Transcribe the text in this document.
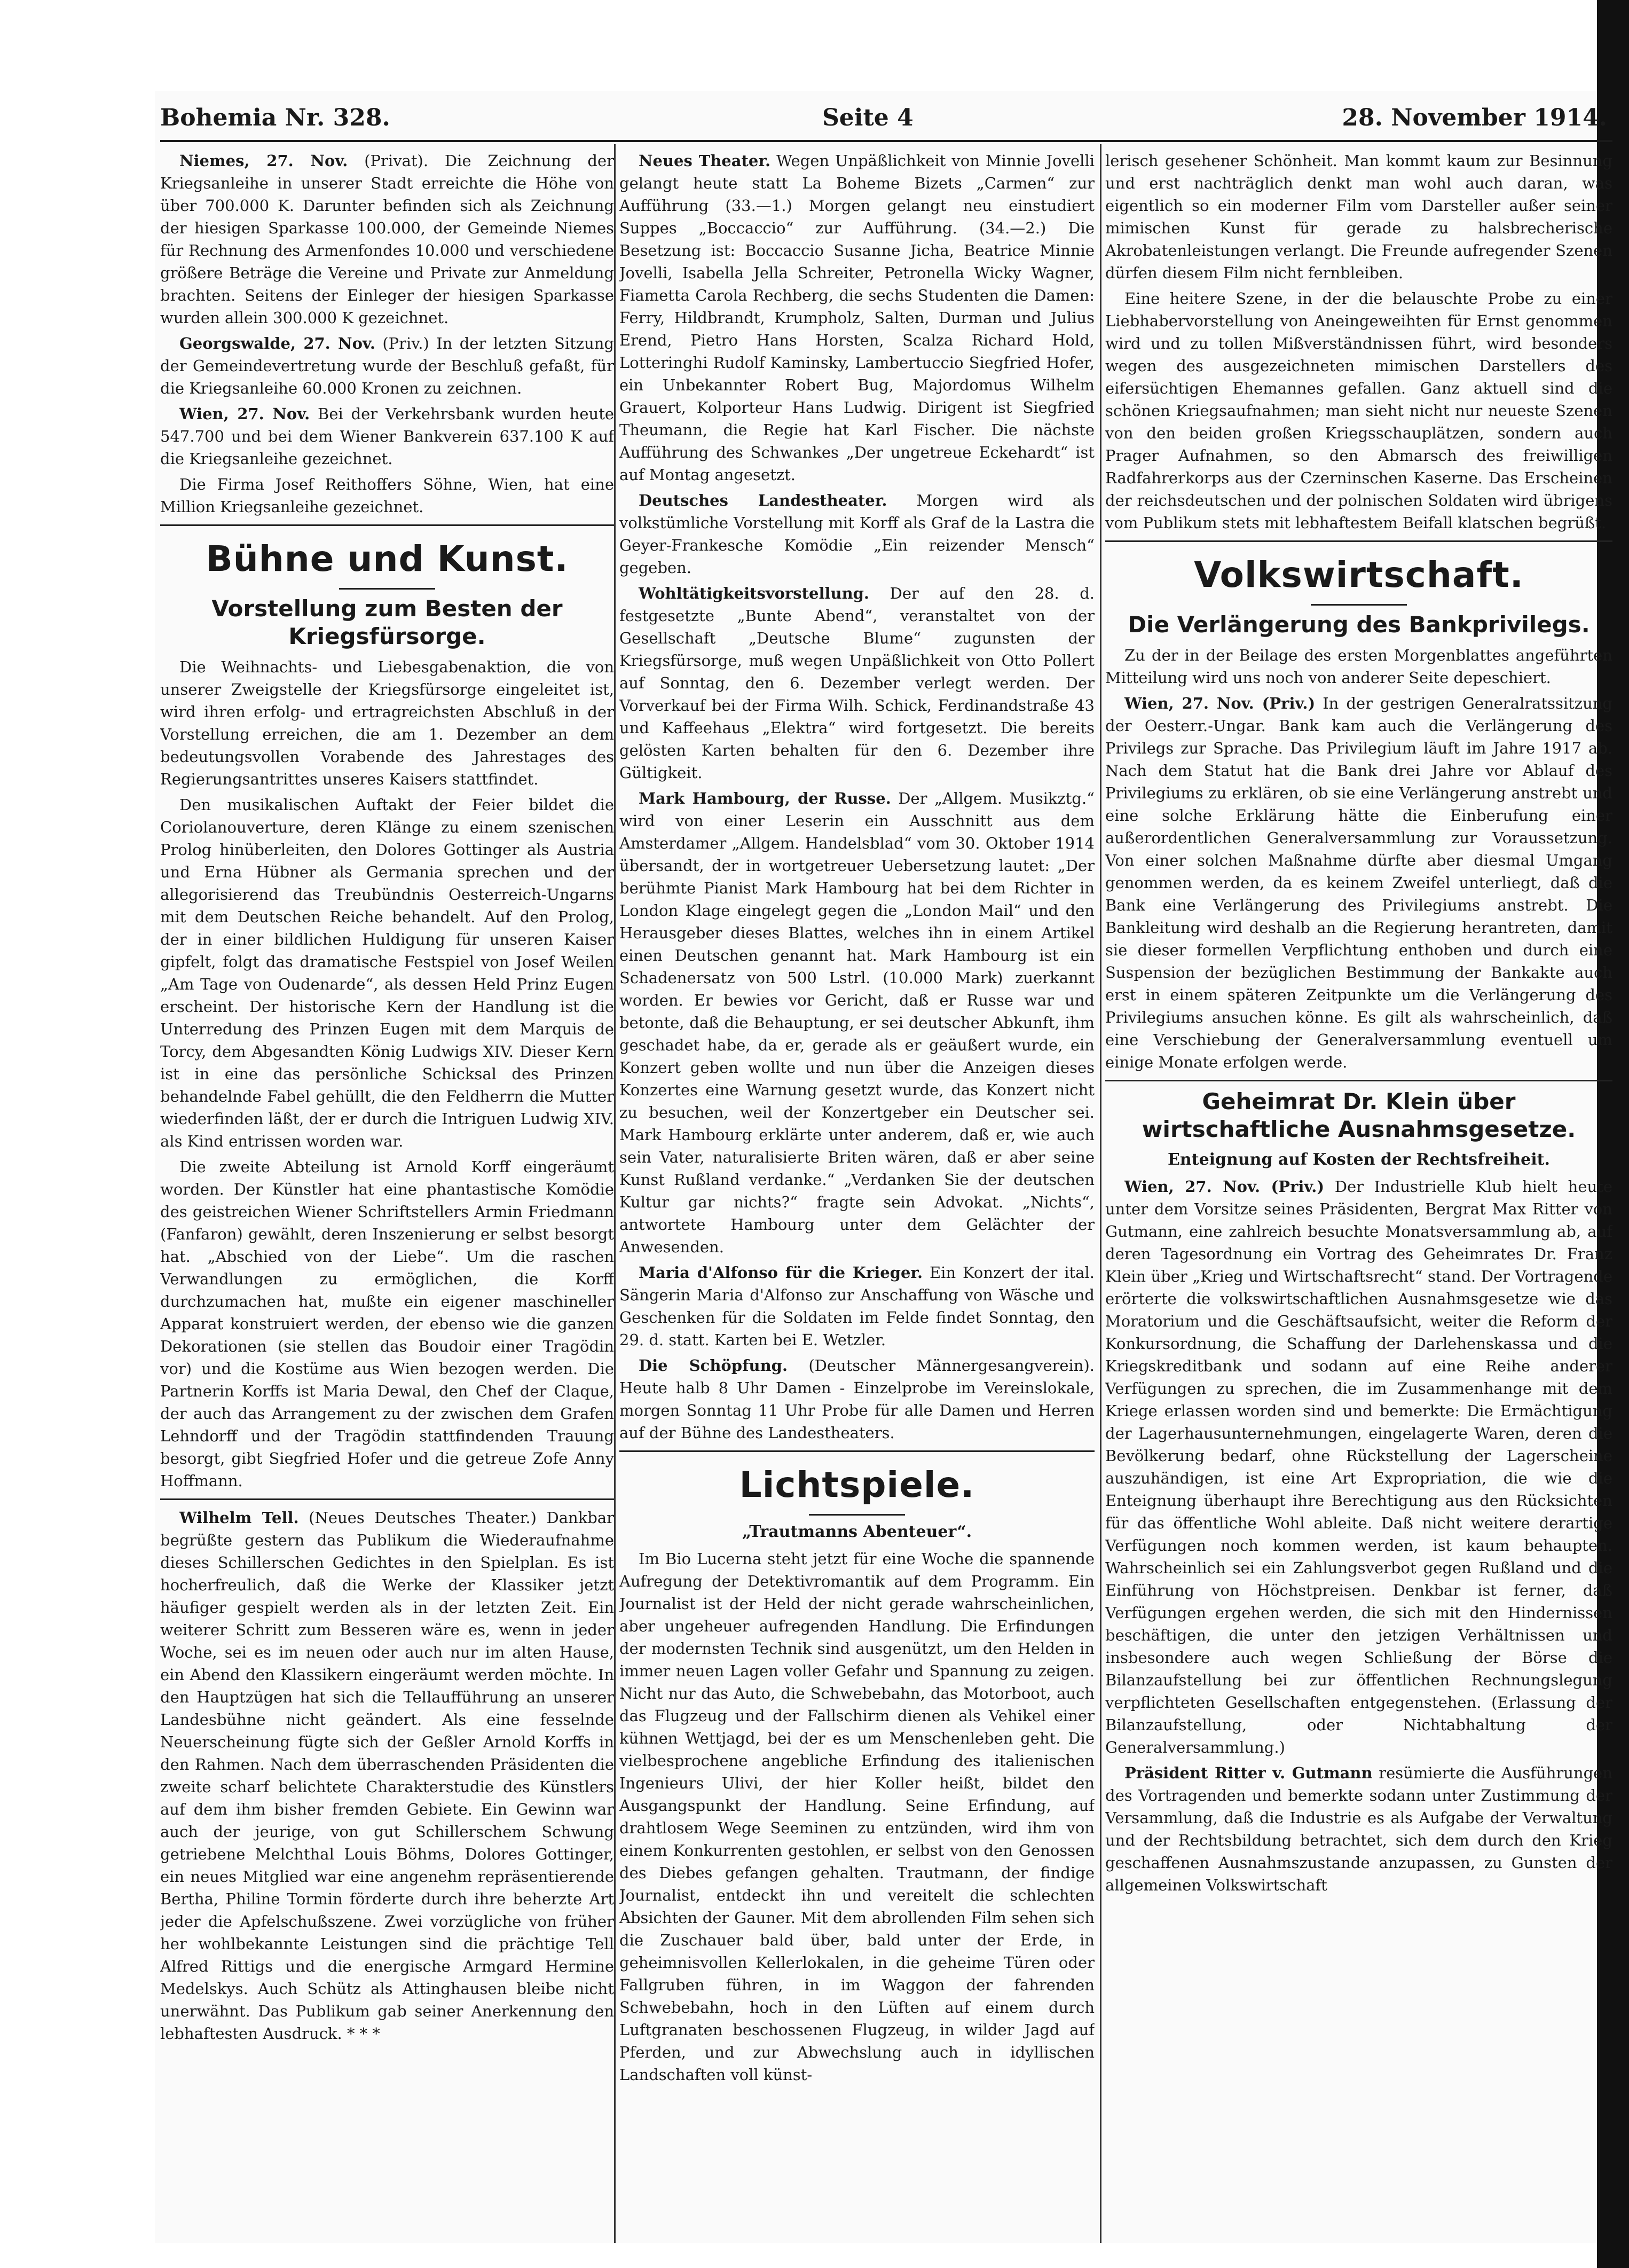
Bohemia Nr. 328.	Seite 4	28. November 1914.

Niemes, 27. Nov. (Privat). Die Zeichnung der Kriegsanleihe in unserer Stadt erreichte die Höhe von über 700.000 K. Darunter befinden sich als Zeichnung der hiesigen Sparkasse 100.000, der Gemeinde Niemes für Rechnung des Armenfondes 10.000 und verschiedene größere Beträge die Vereine und Private zur Anmeldung brachten. Seitens der Einleger der hiesigen Sparkasse wurden allein 300.000 K gezeichnet.

Georgswalde, 27. Nov. (Priv.) In der letzten Sitzung der Gemeindevertretung wurde der Beschluß gefaßt, für die Kriegsanleihe 60.000 Kronen zu zeichnen.

Wien, 27. Nov. Bei der Verkehrsbank wurden heute 547.700 und bei dem Wiener Bankverein 637.100 K auf die Kriegsanleihe gezeichnet.

Die Firma Josef Reithoffers Söhne, Wien, hat eine Million Kriegsanleihe gezeichnet.

Bühne und Kunst.
Vorstellung zum Besten der Kriegsfürsorge.

Die Weihnachts- und Liebesgabenaktion, die von unserer Zweigstelle der Kriegsfürsorge eingeleitet ist, wird ihren erfolg- und ertragreichsten Abschluß in der Vorstellung erreichen, die am 1. Dezember an dem bedeutungsvollen Vorabende des Jahrestages des Regierungsantrittes unseres Kaisers stattfindet.

Den musikalischen Auftakt der Feier bildet die Coriolanouverture, deren Klänge zu einem szenischen Prolog hinüberleiten, den Dolores Gottinger als Austria und Erna Hübner als Germania sprechen und der allegorisierend das Treubündnis Oesterreich-Ungarns mit dem Deutschen Reiche behandelt. Auf den Prolog, der in einer bildlichen Huldigung für unseren Kaiser gipfelt, folgt das dramatische Festspiel von Josef Weilen „Am Tage von Oudenarde“, als dessen Held Prinz Eugen erscheint. Der historische Kern der Handlung ist die Unterredung des Prinzen Eugen mit dem Marquis de Torcy, dem Abgesandten König Ludwigs XIV. Dieser Kern ist in eine das persönliche Schicksal des Prinzen behandelnde Fabel gehüllt, die den Feldherrn die Mutter wiederfinden läßt, der er durch die Intriguen Ludwig XIV. als Kind entrissen worden war.

Die zweite Abteilung ist Arnold Korff eingeräumt worden. Der Künstler hat eine phantastische Komödie des geistreichen Wiener Schriftstellers Armin Friedmann (Fanfaron) gewählt, deren Inszenierung er selbst besorgt hat. „Abschied von der Liebe“. Um die raschen Verwandlungen zu ermöglichen, die Korff durchzumachen hat, mußte ein eigener maschineller Apparat konstruiert werden, der ebenso wie die ganzen Dekorationen (sie stellen das Boudoir einer Tragödin vor) und die Kostüme aus Wien bezogen werden. Die Partnerin Korffs ist Maria Dewal, den Chef der Claque, der auch das Arrangement zu der zwischen dem Grafen Lehndorff und der Tragödin stattfindenden Trauung besorgt, gibt Siegfried Hofer und die getreue Zofe Anny Hoffmann.

Wilhelm Tell. (Neues Deutsches Theater.) Dankbar begrüßte gestern das Publikum die Wiederaufnahme dieses Schillerschen Gedichtes in den Spielplan. Es ist hocherfreulich, daß die Werke der Klassiker jetzt häufiger gespielt werden als in der letzten Zeit. Ein weiterer Schritt zum Besseren wäre es, wenn in jeder Woche, sei es im neuen oder auch nur im alten Hause, ein Abend den Klassikern eingeräumt werden möchte. In den Hauptzügen hat sich die Tellaufführung an unserer Landesbühne nicht geändert. Als eine fesselnde Neuerscheinung fügte sich der Geßler Arnold Korffs in den Rahmen. Nach dem überraschenden Präsidenten die zweite scharf belichtete Charakterstudie des Künstlers auf dem ihm bisher fremden Gebiete. Ein Gewinn war auch der jeurige, von gut Schillerschem Schwung getriebene Melchthal Louis Böhms, Dolores Gottinger, ein neues Mitglied war eine angenehm repräsentierende Bertha, Philine Tormin förderte durch ihre beherzte Art jeder die Apfelschußszene. Zwei vorzügliche von früher her wohlbekannte Leistungen sind die prächtige Tell Alfred Rittigs und die energische Armgard Hermine Medelskys. Auch Schütz als Attinghausen bleibe nicht unerwähnt. Das Publikum gab seiner Anerkennung den lebhaftesten Ausdruck. * * *

Neues Theater. Wegen Unpäßlichkeit von Minnie Jovelli gelangt heute statt La Boheme Bizets „Carmen“ zur Aufführung (33.—1.) Morgen gelangt neu einstudiert Suppes „Boccaccio“ zur Aufführung. (34.—2.) Die Besetzung ist: Boccaccio Susanne Jicha, Beatrice Minnie Jovelli, Isabella Jella Schreiter, Petronella Wicky Wagner, Fiametta Carola Rechberg, die sechs Studenten die Damen: Ferry, Hildbrandt, Krumpholz, Salten, Durman und Julius Erend, Pietro Hans Horsten, Scalza Richard Hold, Lotteringhi Rudolf Kaminsky, Lambertuccio Siegfried Hofer, ein Unbekannter Robert Bug, Majordomus Wilhelm Grauert, Kolporteur Hans Ludwig. Dirigent ist Siegfried Theumann, die Regie hat Karl Fischer. Die nächste Aufführung des Schwankes „Der ungetreue Eckehardt“ ist auf Montag angesetzt.

Deutsches Landestheater. Morgen wird als volkstümliche Vorstellung mit Korff als Graf de la Lastra die Geyer-Frankesche Komödie „Ein reizender Mensch“ gegeben.

Wohltätigkeitsvorstellung. Der auf den 28. d. festgesetzte „Bunte Abend“, veranstaltet von der Gesellschaft „Deutsche Blume“ zugunsten der Kriegsfürsorge, muß wegen Unpäßlichkeit von Otto Pollert auf Sonntag, den 6. Dezember verlegt werden. Der Vorverkauf bei der Firma Wilh. Schick, Ferdinandstraße 43 und Kaffeehaus „Elektra“ wird fortgesetzt. Die bereits gelösten Karten behalten für den 6. Dezember ihre Gültigkeit.

Mark Hambourg, der Russe. Der „Allgem. Musikztg.“ wird von einer Leserin ein Ausschnitt aus dem Amsterdamer „Allgem. Handelsblad“ vom 30. Oktober 1914 übersandt, der in wortgetreuer Uebersetzung lautet: „Der berühmte Pianist Mark Hambourg hat bei dem Richter in London Klage eingelegt gegen die „London Mail“ und den Herausgeber dieses Blattes, welches ihn in einem Artikel einen Deutschen genannt hat. Mark Hambourg ist ein Schadenersatz von 500 Lstrl. (10.000 Mark) zuerkannt worden. Er bewies vor Gericht, daß er Russe war und betonte, daß die Behauptung, er sei deutscher Abkunft, ihm geschadet habe, da er, gerade als er geäußert wurde, ein Konzert geben wollte und nun über die Anzeigen dieses Konzertes eine Warnung gesetzt wurde, das Konzert nicht zu besuchen, weil der Konzertgeber ein Deutscher sei. Mark Hambourg erklärte unter anderem, daß er, wie auch sein Vater, naturalisierte Briten wären, daß er aber seine Kunst Rußland verdanke.“ „Verdanken Sie der deutschen Kultur gar nichts?“ fragte sein Advokat. „Nichts“, antwortete Hambourg unter dem Gelächter der Anwesenden.

Maria d'Alfonso für die Krieger. Ein Konzert der ital. Sängerin Maria d'Alfonso zur Anschaffung von Wäsche und Geschenken für die Soldaten im Felde findet Sonntag, den 29. d. statt. Karten bei E. Wetzler.

Die Schöpfung. (Deutscher Männergesangverein). Heute halb 8 Uhr Damen - Einzelprobe im Vereinslokale, morgen Sonntag 11 Uhr Probe für alle Damen und Herren auf der Bühne des Landestheaters.

Lichtspiele.
„Trautmanns Abenteuer“.

Im Bio Lucerna steht jetzt für eine Woche die spannende Aufregung der Detektivromantik auf dem Programm. Ein Journalist ist der Held der nicht gerade wahrscheinlichen, aber ungeheuer aufregenden Handlung. Die Erfindungen der modernsten Technik sind ausgenützt, um den Helden in immer neuen Lagen voller Gefahr und Spannung zu zeigen. Nicht nur das Auto, die Schwebebahn, das Motorboot, auch das Flugzeug und der Fallschirm dienen als Vehikel einer kühnen Wettjagd, bei der es um Menschenleben geht. Die vielbesprochene angebliche Erfindung des italienischen Ingenieurs Ulivi, der hier Koller heißt, bildet den Ausgangspunkt der Handlung. Seine Erfindung, auf drahtlosem Wege Seeminen zu entzünden, wird ihm von einem Konkurrenten gestohlen, er selbst von den Genossen des Diebes gefangen gehalten. Trautmann, der findige Journalist, entdeckt ihn und vereitelt die schlechten Absichten der Gauner. Mit dem abrollenden Film sehen sich die Zuschauer bald über, bald unter der Erde, in geheimnisvollen Kellerlokalen, in die geheime Türen oder Fallgruben führen, in im Waggon der fahrenden Schwebebahn, hoch in den Lüften auf einem durch Luftgranaten beschossenen Flugzeug, in wilder Jagd auf Pferden, und zur Abwechslung auch in idyllischen Landschaften voll künst-

lerisch gesehener Schönheit. Man kommt kaum zur Besinnung und erst nachträglich denkt man wohl auch daran, was eigentlich so ein moderner Film vom Darsteller außer seiner mimischen Kunst für gerade zu halsbrecherische Akrobatenleistungen verlangt. Die Freunde aufregender Szenen dürfen diesem Film nicht fernbleiben.

Eine heitere Szene, in der die belauschte Probe zu einer Liebhabervorstellung von Aneingeweihten für Ernst genommen wird und zu tollen Mißverständnissen führt, wird besonders wegen des ausgezeichneten mimischen Darstellers des eifersüchtigen Ehemannes gefallen. Ganz aktuell sind die schönen Kriegsaufnahmen; man sieht nicht nur neueste Szenen von den beiden großen Kriegsschauplätzen, sondern auch Prager Aufnahmen, so den Abmarsch des freiwilligen Radfahrerkorps aus der Czerninschen Kaserne. Das Erscheinen der reichsdeutschen und der polnischen Soldaten wird übrigens vom Publikum stets mit lebhaftestem Beifall klatschen begrüßt.

Volkswirtschaft.
Die Verlängerung des Bankprivilegs.

Zu der in der Beilage des ersten Morgenblattes angeführten Mitteilung wird uns noch von anderer Seite depeschiert.

Wien, 27. Nov. (Priv.) In der gestrigen Generalratssitzung der Oesterr.-Ungar. Bank kam auch die Verlängerung des Privilegs zur Sprache. Das Privilegium läuft im Jahre 1917 ab. Nach dem Statut hat die Bank drei Jahre vor Ablauf des Privilegiums zu erklären, ob sie eine Verlängerung anstrebt und eine solche Erklärung hätte die Einberufung einer außerordentlichen Generalversammlung zur Voraussetzung. Von einer solchen Maßnahme dürfte aber diesmal Umgang genommen werden, da es keinem Zweifel unterliegt, daß die Bank eine Verlängerung des Privilegiums anstrebt. Die Bankleitung wird deshalb an die Regierung herantreten, damit sie dieser formellen Verpflichtung enthoben und durch eine Suspension der bezüglichen Bestimmung der Bankakte auch erst in einem späteren Zeitpunkte um die Verlängerung des Privilegiums ansuchen könne. Es gilt als wahrscheinlich, daß eine Verschiebung der Generalversammlung eventuell um einige Monate erfolgen werde.

Geheimrat Dr. Klein über wirtschaftliche Ausnahmsgesetze.
Enteignung auf Kosten der Rechtsfreiheit.

Wien, 27. Nov. (Priv.) Der Industrielle Klub hielt heute unter dem Vorsitze seines Präsidenten, Bergrat Max Ritter von Gutmann, eine zahlreich besuchte Monatsversammlung ab, auf deren Tagesordnung ein Vortrag des Geheimrates Dr. Franz Klein über „Krieg und Wirtschaftsrecht“ stand. Der Vortragende erörterte die volkswirtschaftlichen Ausnahmsgesetze wie das Moratorium und die Geschäftsaufsicht, weiter die Reform der Konkursordnung, die Schaffung der Darlehenskassa und die Kriegskreditbank und sodann auf eine Reihe anderer Verfügungen zu sprechen, die im Zusammenhange mit dem Kriege erlassen worden sind und bemerkte: Die Ermächtigung der Lagerhausunternehmungen, eingelagerte Waren, deren die Bevölkerung bedarf, ohne Rückstellung der Lagerscheine auszuhändigen, ist eine Art Expropriation, die wie die Enteignung überhaupt ihre Berechtigung aus den Rücksichten für das öffentliche Wohl ableite. Daß nicht weitere derartige Verfügungen noch kommen werden, ist kaum behaupten. Wahrscheinlich sei ein Zahlungsverbot gegen Rußland und die Einführung von Höchstpreisen. Denkbar ist ferner, daß Verfügungen ergehen werden, die sich mit den Hindernissen beschäftigen, die unter den jetzigen Verhältnissen und insbesondere auch wegen Schließung der Börse die Bilanzaufstellung bei zur öffentlichen Rechnungslegung verpflichteten Gesellschaften entgegenstehen. (Erlassung der Bilanzaufstellung, oder Nichtabhaltung der Generalversammlung.)

Präsident Ritter v. Gutmann resümierte die Ausführungen des Vortragenden und bemerkte sodann unter Zustimmung der Versammlung, daß die Industrie es als Aufgabe der Verwaltung und der Rechtsbildung betrachtet, sich dem durch den Krieg geschaffenen Ausnahmszustande anzupassen, zu Gunsten der allgemeinen Volkswirtschaft
